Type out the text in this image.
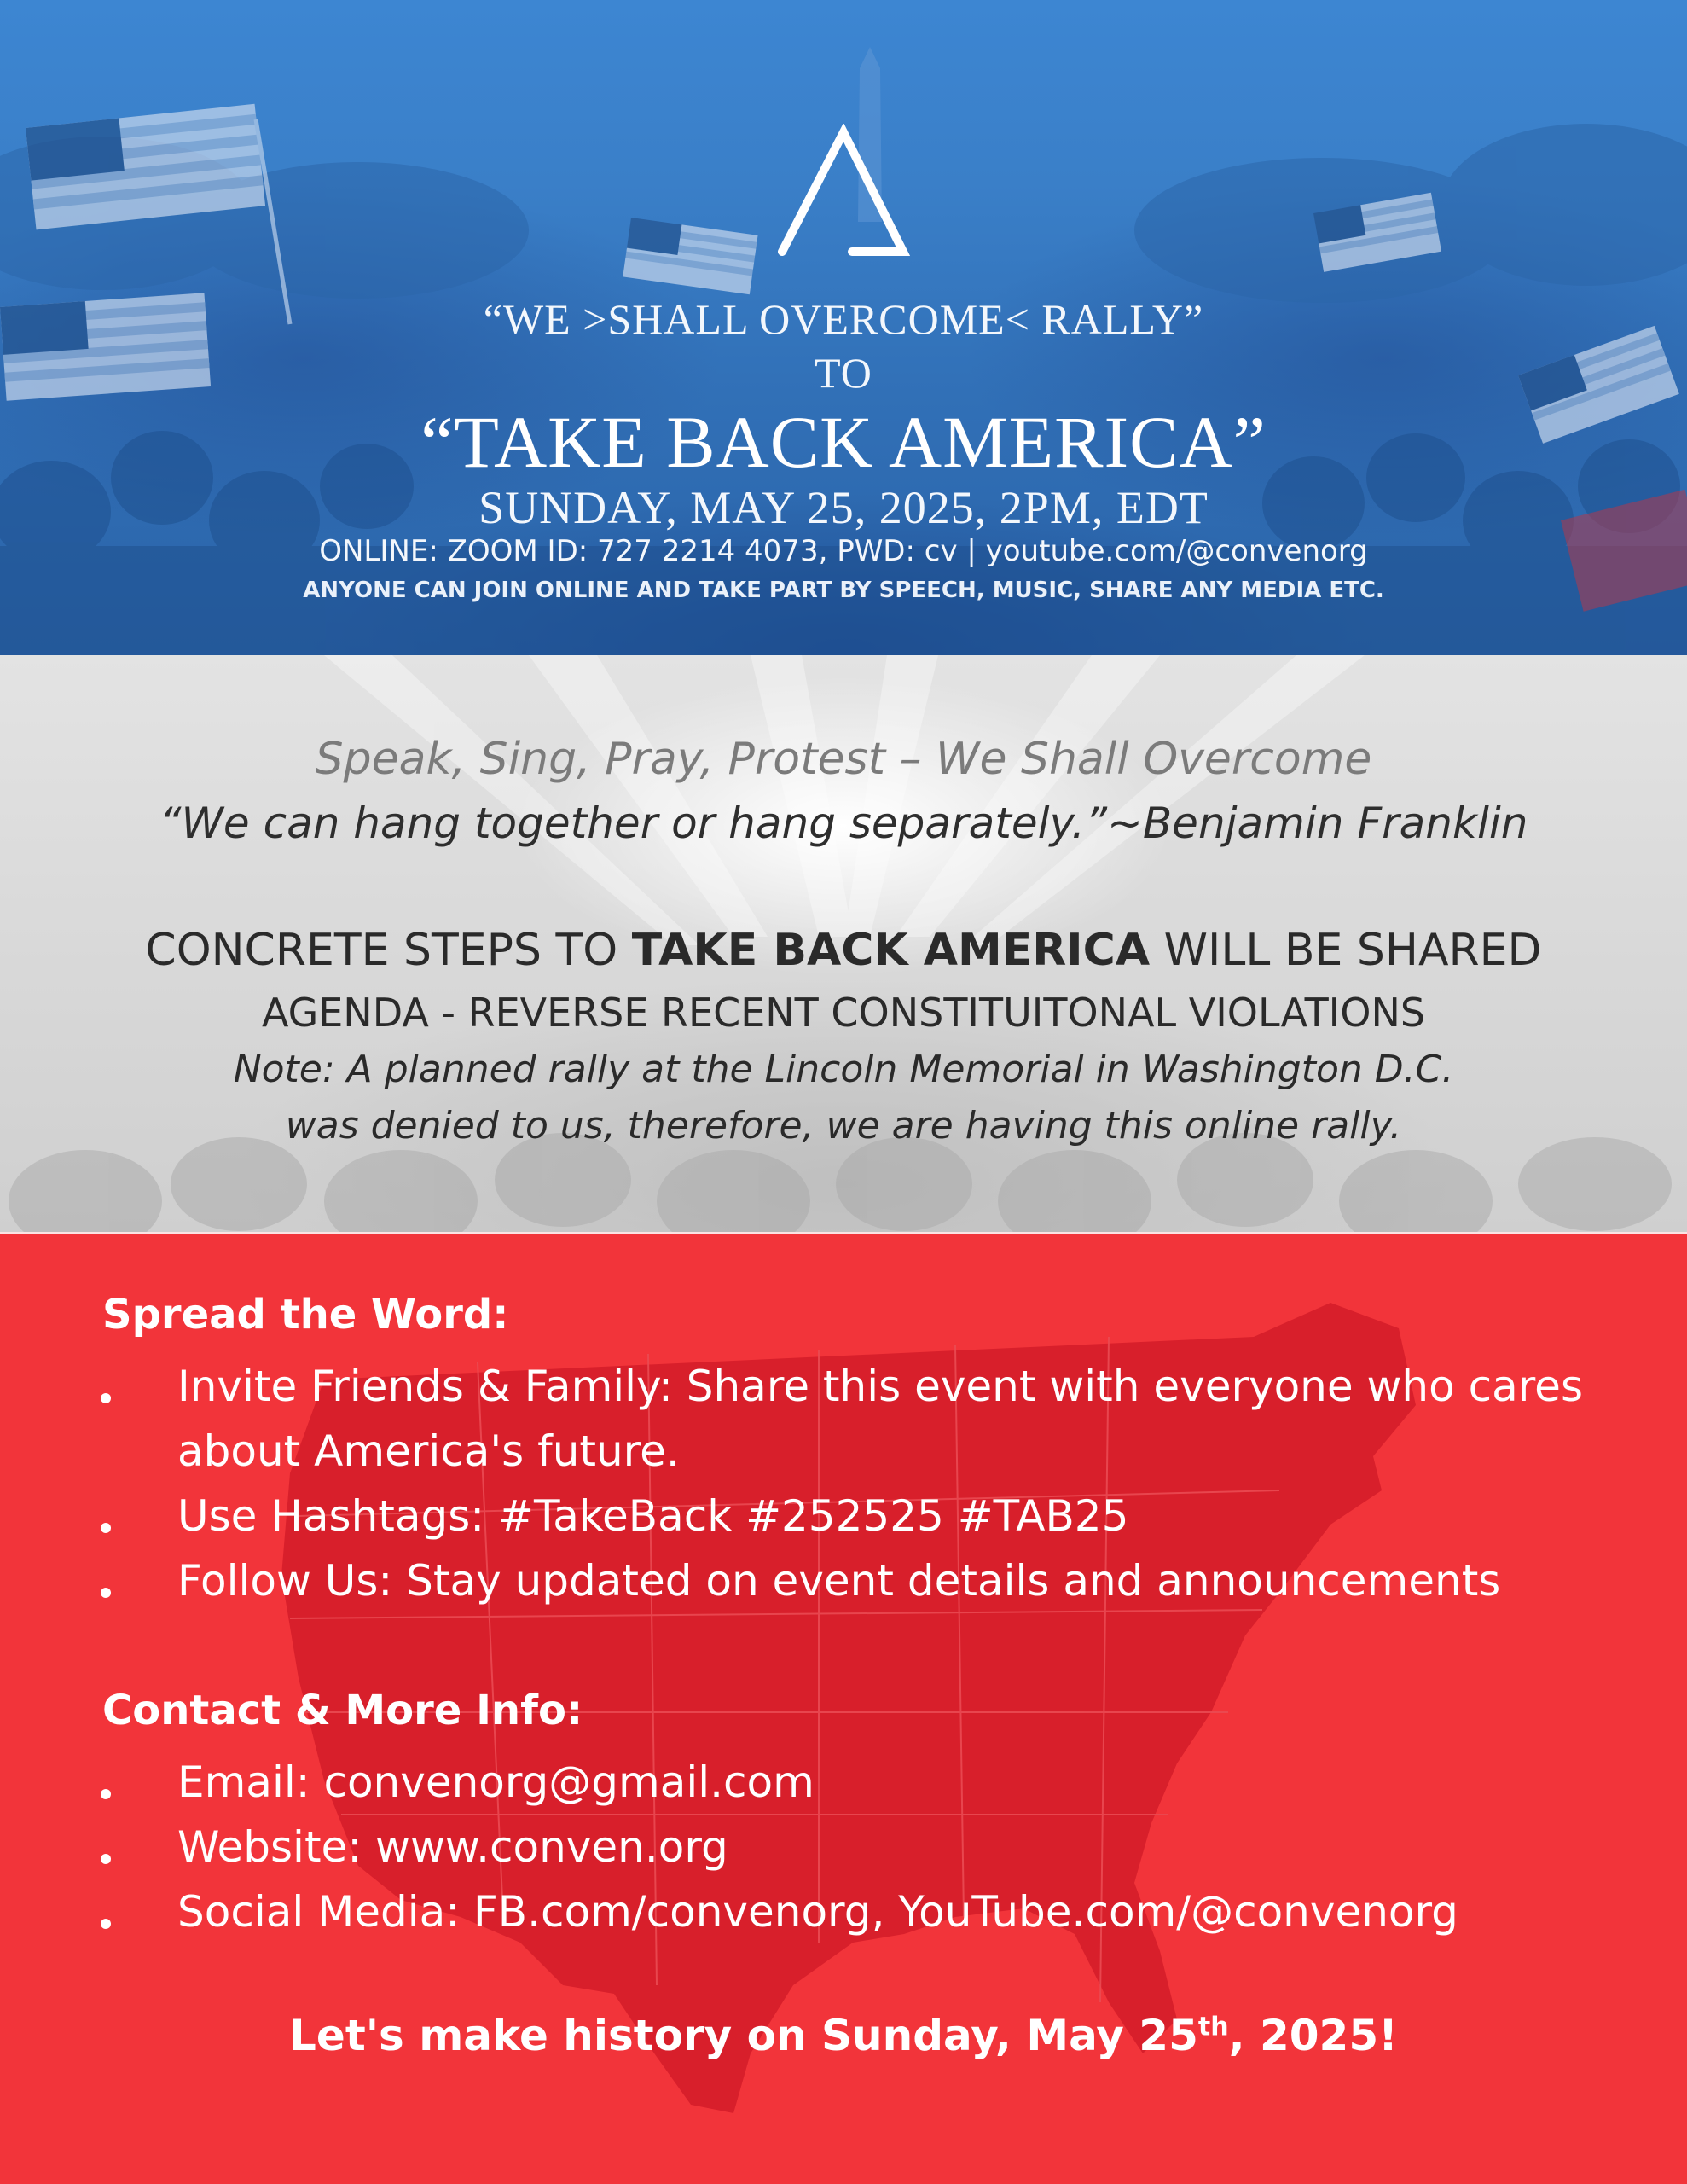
“WE >SHALL OVERCOME< RALLY”
TO
“TAKE BACK AMERICA”
SUNDAY, MAY 25, 2025, 2PM, EDT
ONLINE: ZOOM ID: 727 2214 4073, PWD: cv | youtube.com/@convenorg
ANYONE CAN JOIN ONLINE AND TAKE PART BY SPEECH, MUSIC, SHARE ANY MEDIA ETC.
Speak, Sing, Pray, Protest – We Shall Overcome
“We can hang together or hang separately.”~Benjamin Franklin
CONCRETE STEPS TO TAKE BACK AMERICA WILL BE SHARED
AGENDA - REVERSE RECENT CONSTITUITONAL VIOLATIONS
Note: A planned rally at the Lincoln Memorial in Washington D.C.
was denied to us, therefore, we are having this online rally.
Spread the Word:
Invite Friends & Family: Share this event with everyone who cares about America's future.
Use Hashtags: #TakeBack #252525 #TAB25
Follow Us: Stay updated on event details and announcements
Contact & More Info:
Email: convenorg@gmail.com
Website: www.conven.org
Social Media: FB.com/convenorg, YouTube.com/@convenorg
Let's make history on Sunday, May 25th, 2025!
